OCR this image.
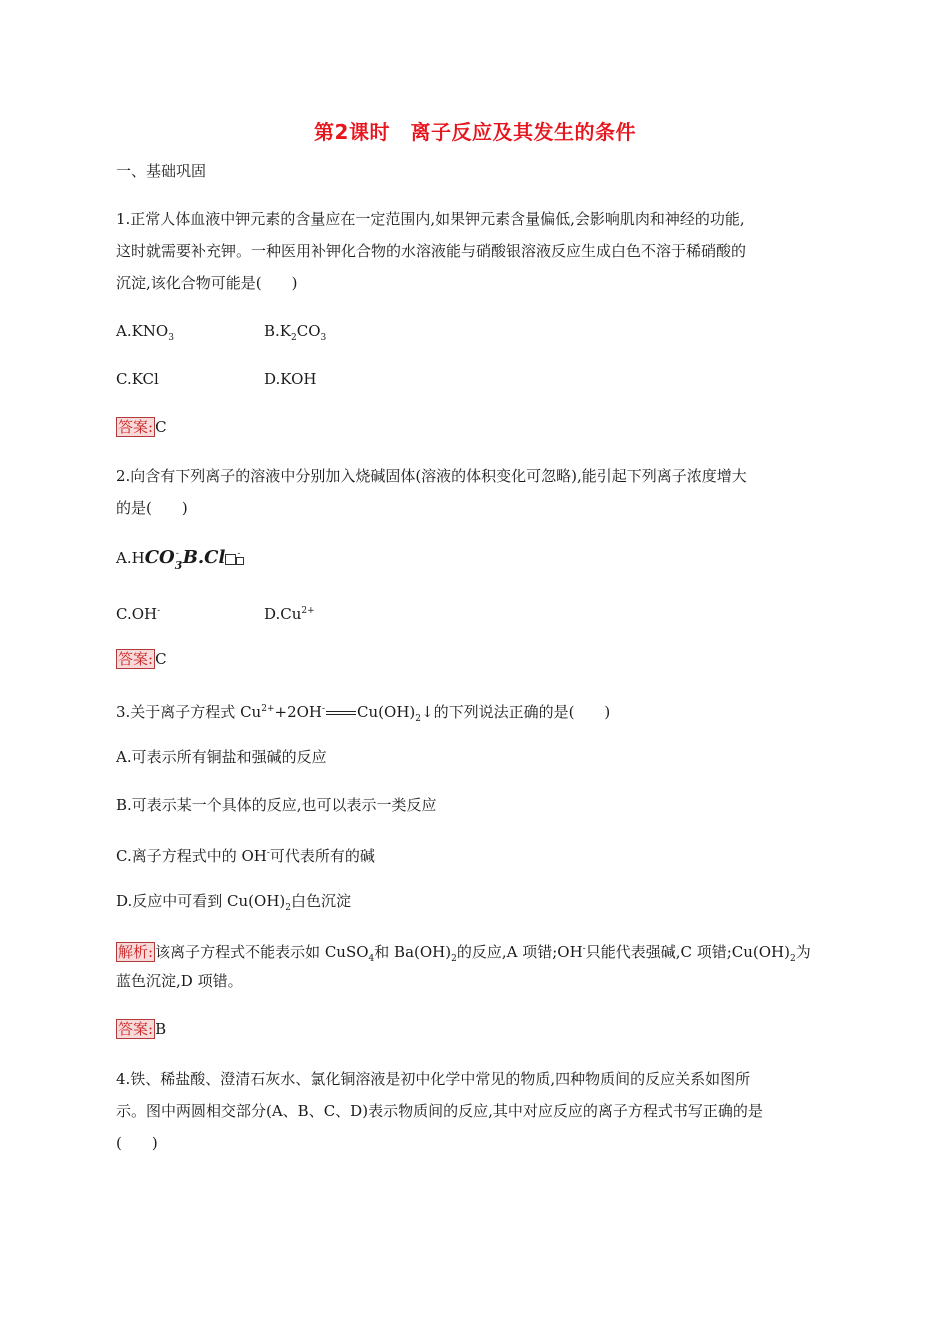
第2课时　离子反应及其发生的条件
一、基础巩固
1.正常人体血液中钾元素的含量应在一定范围内,如果钾元素含量偏低,会影响肌肉和神经的功能,
这时就需要补充钾。一种医用补钾化合物的水溶液能与硝酸银溶液反应生成白色不溶于稀硝酸的
沉淀,该化合物可能是(　　)
$A.KNO_3$	$B.K_2CO_3$
C.KCl	D.KOH
答案: C
2.向含有下列离子的溶液中分别加入烧碱固体(溶液的体积变化可忽略),能引起下列离子浓度增大
的是(　　)
A.HCO -
3 B.Cl -
C.OH-	$D.Cu^{2+}$
答案: C
3.关于离子方程式 $Cu^{2+}+2OH^-$ $Cu(OH)_2↓$的下列说法正确的是(　　)
A.可表示所有铜盐和强碱的反应
B.可表示某一个具体的反应,也可以表示一类反应
C.离子方程式中的 OH-可代表所有的碱
D.反应中可看到 $Cu(OH)_2$白色沉淀
解析: 该离子方程式不能表示如 CuSO$_4$和 $Ba(OH)_2$的反应,A 项错;OH-只能代表强碱,C 项错$;Cu(OH)_2$为
蓝色沉淀,D 项错。
答案: B
4.铁、稀盐酸、澄清石灰水、氯化铜溶液是初中化学中常见的物质,四种物质间的反应关系如图所
示。图中两圆相交部分(A、B、C、D)表示物质间的反应,其中对应反应的离子方程式书写正确的是
(　　)
